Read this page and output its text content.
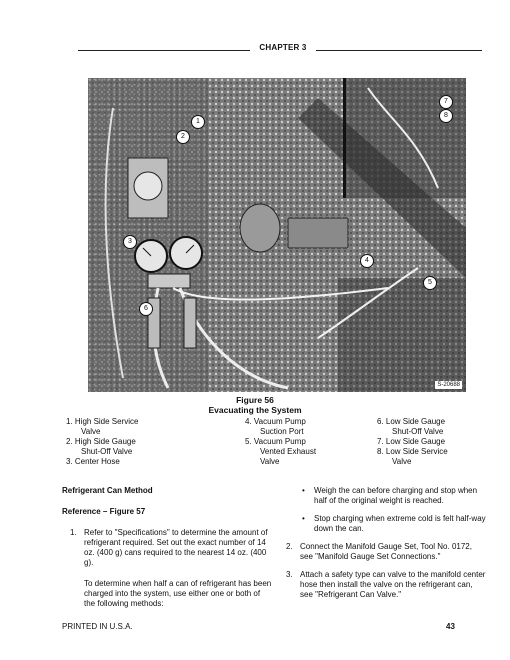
CHAPTER 3
1
2
3
4
5
6
7
8
S-20688
Figure 56
Evacuating the System
1. High Side Service
Valve
2. High Side Gauge
Shut-Off Valve
3. Center Hose
4. Vacuum Pump
Suction Port
5. Vacuum Pump
Vented Exhaust
Valve
6. Low Side Gauge
Shut-Off Valve
7. Low Side Gauge
8. Low Side Service
Valve

Refrigerant Can Method

Reference – Figure 57

1. Refer to "Specifications" to determine the amount of refrigerant required. Set out the exact number of 14 oz. (400 g) cans required to the nearest 14 oz. (400 g).

To determine when half a can of refrigerant has been charged into the system, use either one or both of the following methods:

• Weigh the can before charging and stop when half of the original weight is reached.

• Stop charging when extreme cold is felt half-way down the can.

2. Connect the Manifold Gauge Set, Tool No. 0172, see "Manifold Gauge Set Connections."

3. Attach a safety type can valve to the manifold center hose then install the valve on the refrigerant can, see "Refrigerant Can Valve."

PRINTED IN U.S.A.	43
